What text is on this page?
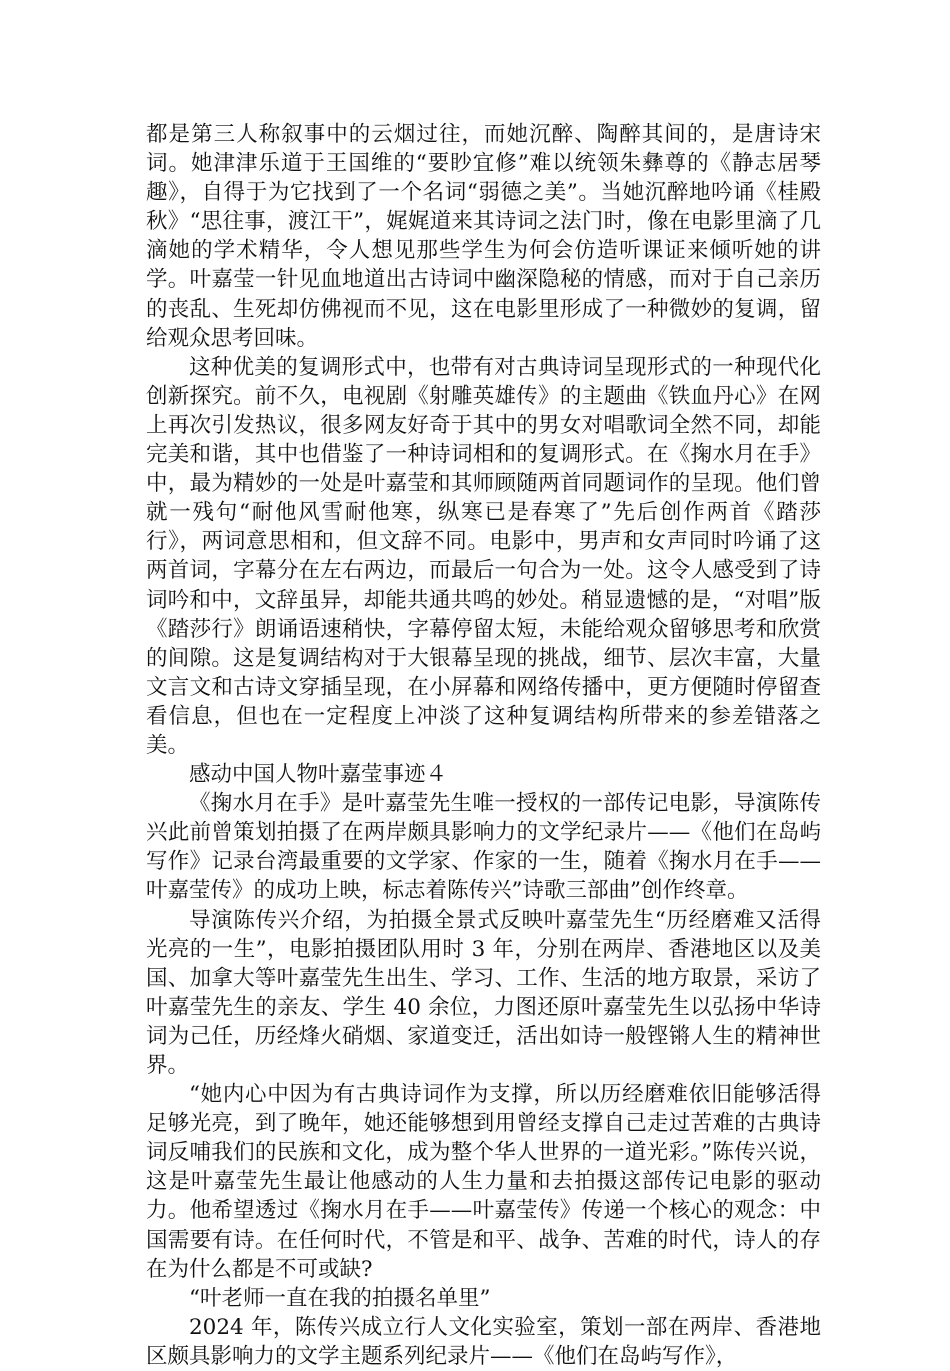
都是第三人称叙事中的云烟过往，而她沉醉、陶醉其间的，是唐诗宋词。她津津乐道于王国维的“要眇宜修”难以统领朱彝尊的《静志居琴趣》，自得于为它找到了一个名词“弱德之美”。当她沉醉地吟诵《桂殿秋》“思往事，渡江干”，娓娓道来其诗词之法门时，像在电影里滴了几滴她的学术精华，令人想见那些学生为何会仿造听课证来倾听她的讲学。叶嘉莹一针见血地道出古诗词中幽深隐秘的情感，而对于自己亲历的丧乱、生死却仿佛视而不见，这在电影里形成了一种微妙的复调，留给观众思考回味。

这种优美的复调形式中，也带有对古典诗词呈现形式的一种现代化创新探究。前不久，电视剧《射雕英雄传》的主题曲《铁血丹心》在网上再次引发热议，很多网友好奇于其中的男女对唱歌词全然不同，却能完美和谐，其中也借鉴了一种诗词相和的复调形式。在《掬水月在手》中，最为精妙的一处是叶嘉莹和其师顾随两首同题词作的呈现。他们曾就一残句“耐他风雪耐他寒，纵寒已是春寒了”先后创作两首《踏莎行》，两词意思相和，但文辞不同。电影中，男声和女声同时吟诵了这两首词，字幕分在左右两边，而最后一句合为一处。这令人感受到了诗词吟和中，文辞虽异，却能共通共鸣的妙处。稍显遗憾的是，“对唱”版《踏莎行》朗诵语速稍快，字幕停留太短，未能给观众留够思考和欣赏的间隙。这是复调结构对于大银幕呈现的挑战，细节、层次丰富，大量文言文和古诗文穿插呈现，在小屏幕和网络传播中，更方便随时停留查看信息，但也在一定程度上冲淡了这种复调结构所带来的参差错落之美。

感动中国人物叶嘉莹事迹４

《掬水月在手》是叶嘉莹先生唯一授权的一部传记电影，导演陈传兴此前曾策划拍摄了在两岸颇具影响力的文学纪录片——《他们在岛屿写作》记录台湾最重要的文学家、作家的一生，随着《掬水月在手——叶嘉莹传》的成功上映，标志着陈传兴”诗歌三部曲”创作终章。

导演陈传兴介绍，为拍摄全景式反映叶嘉莹先生“历经磨难又活得光亮的一生”，电影拍摄团队用时 3 年，分别在两岸、香港地区以及美国、加拿大等叶嘉莹先生出生、学习、工作、生活的地方取景，采访了叶嘉莹先生的亲友、学生 40 余位，力图还原叶嘉莹先生以弘扬中华诗词为己任，历经烽火硝烟、家道变迁，活出如诗一般铿锵人生的精神世界。

“她内心中因为有古典诗词作为支撑，所以历经磨难依旧能够活得足够光亮，到了晚年，她还能够想到用曾经支撑自己走过苦难的古典诗词反哺我们的民族和文化，成为整个华人世界的一道光彩。”陈传兴说，这是叶嘉莹先生最让他感动的人生力量和去拍摄这部传记电影的驱动力。他希望透过《掬水月在手——叶嘉莹传》传递一个核心的观念：中国需要有诗。在任何时代，不管是和平、战争、苦难的时代，诗人的存在为什么都是不可或缺?

“叶老师一直在我的拍摄名单里”

2024 年，陈传兴成立行人文化实验室，策划一部在两岸、香港地区颇具影响力的文学主题系列纪录片——《他们在岛屿写作》，
